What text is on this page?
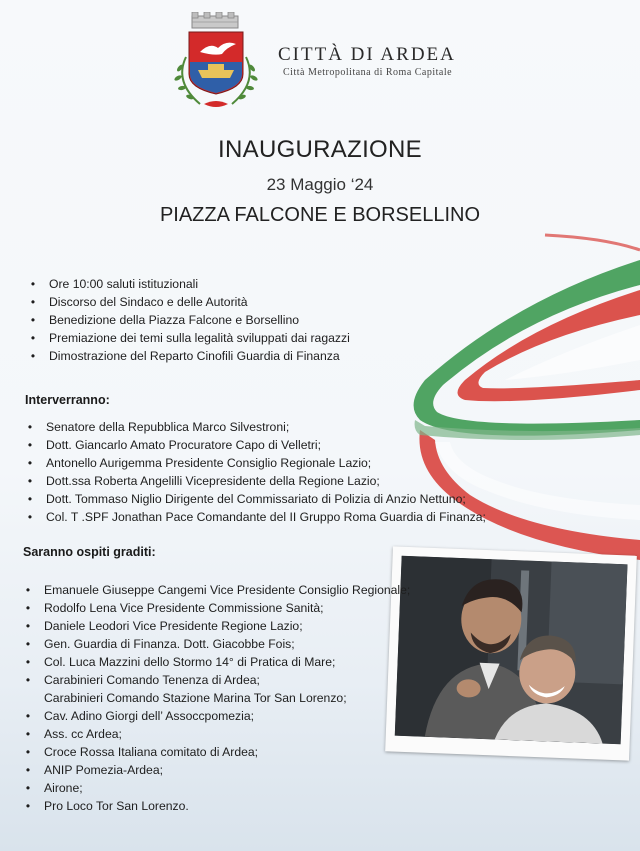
CITTÀ DI ARDEA
Città Metropolitana di Roma Capitale
INAUGURAZIONE
23 Maggio ‘24
PIAZZA FALCONE E BORSELLINO
• Ore 10:00 saluti istituzionali
• Discorso del Sindaco e delle Autorità
• Benedizione della Piazza Falcone e Borsellino
• Premiazione dei temi sulla legalità sviluppati dai ragazzi
• Dimostrazione del Reparto Cinofili Guardia di Finanza
Interverranno:
• Senatore della Repubblica Marco Silvestroni;
• Dott. Giancarlo Amato Procuratore Capo di Velletri;
• Antonello Aurigemma Presidente Consiglio Regionale Lazio;
• Dott.ssa Roberta Angelilli Vicepresidente della Regione Lazio;
• Dott. Tommaso Niglio Dirigente del Commissariato di Polizia di Anzio Nettuno;
• Col. T .SPF Jonathan Pace Comandante del II Gruppo Roma Guardia di Finanza;
Saranno ospiti graditi:
• Emanuele Giuseppe Cangemi Vice Presidente Consiglio Regionale;
• Rodolfo Lena Vice Presidente Commissione Sanità;
• Daniele Leodori Vice Presidente Regione Lazio;
• Gen. Guardia di Finanza. Dott. Giacobbe Fois;
• Col. Luca Mazzini dello Stormo 14° di Pratica di Mare;
• Carabinieri Comando Tenenza di Ardea;
Carabinieri Comando Stazione Marina Tor San Lorenzo;
• Cav. Adino Giorgi dell’ Assoccpomezia;
• Ass. cc Ardea;
• Croce Rossa Italiana comitato di Ardea;
• ANIP Pomezia-Ardea;
• Airone;
• Pro Loco Tor San Lorenzo.
